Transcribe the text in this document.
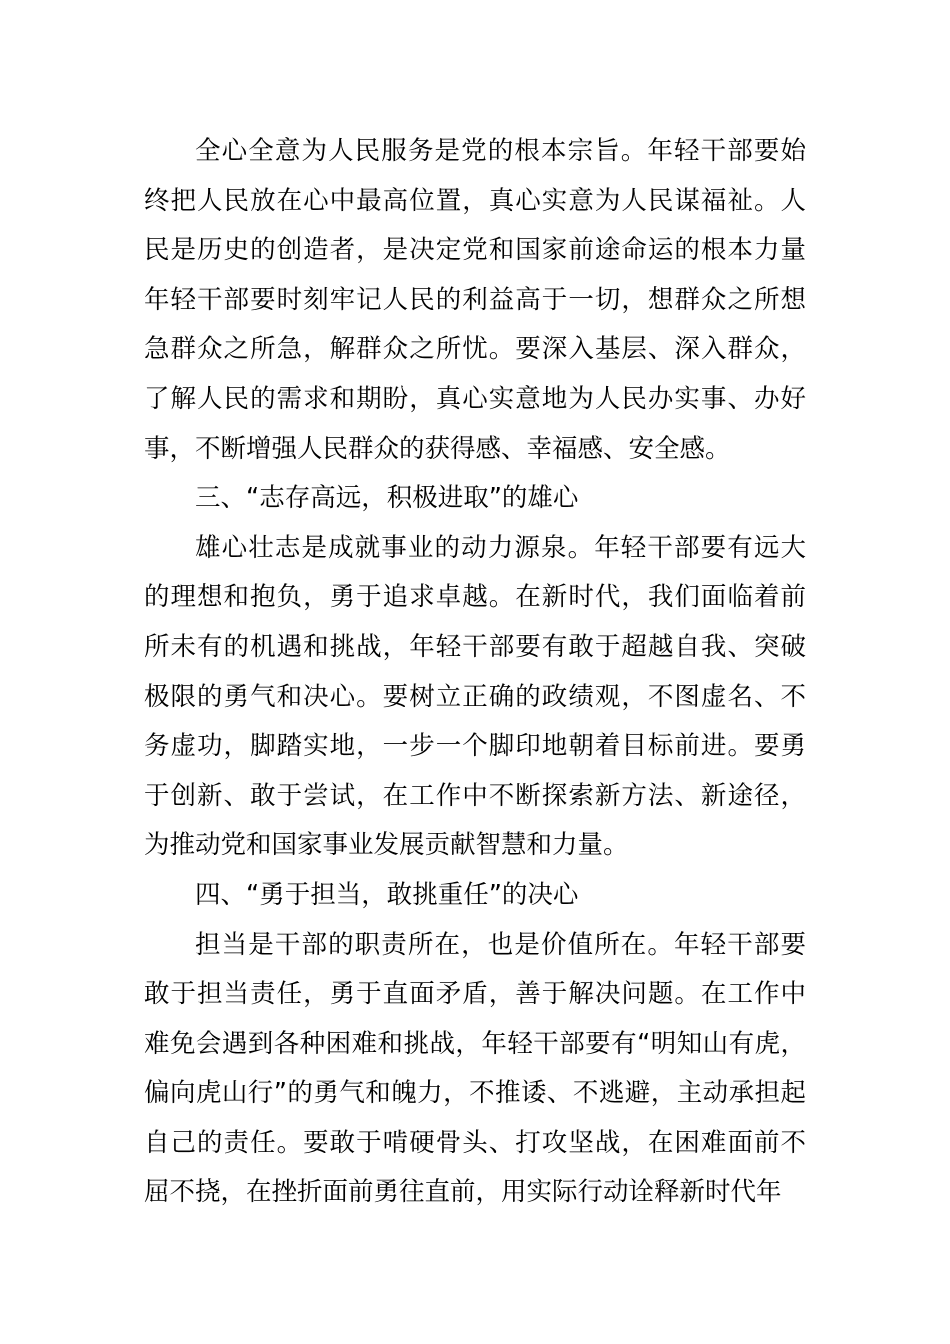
全心全意为人民服务是党的根本宗旨。年轻干部要始终把人民放在心中最高位置，真心实意为人民谋福祉。人民是历史的创造者，是决定党和国家前途命运的根本力量年轻干部要时刻牢记人民的利益高于一切，想群众之所想急群众之所急，解群众之所忧。要深入基层、深入群众，了解人民的需求和期盼，真心实意地为人民办实事、办好事，不断增强人民群众的获得感、幸福感、安全感。

三、“志存高远，积极进取”的雄心

雄心壮志是成就事业的动力源泉。年轻干部要有远大的理想和抱负，勇于追求卓越。在新时代，我们面临着前所未有的机遇和挑战，年轻干部要有敢于超越自我、突破极限的勇气和决心。要树立正确的政绩观，不图虚名、不务虚功，脚踏实地，一步一个脚印地朝着目标前进。要勇于创新、敢于尝试，在工作中不断探索新方法、新途径，为推动党和国家事业发展贡献智慧和力量。

四、“勇于担当，敢挑重任”的决心

担当是干部的职责所在，也是价值所在。年轻干部要敢于担当责任，勇于直面矛盾，善于解决问题。在工作中难免会遇到各种困难和挑战，年轻干部要有“明知山有虎，偏向虎山行”的勇气和魄力，不推诿、不逃避，主动承担起自己的责任。要敢于啃硬骨头、打攻坚战，在困难面前不屈不挠，在挫折面前勇往直前，用实际行动诠释新时代年
